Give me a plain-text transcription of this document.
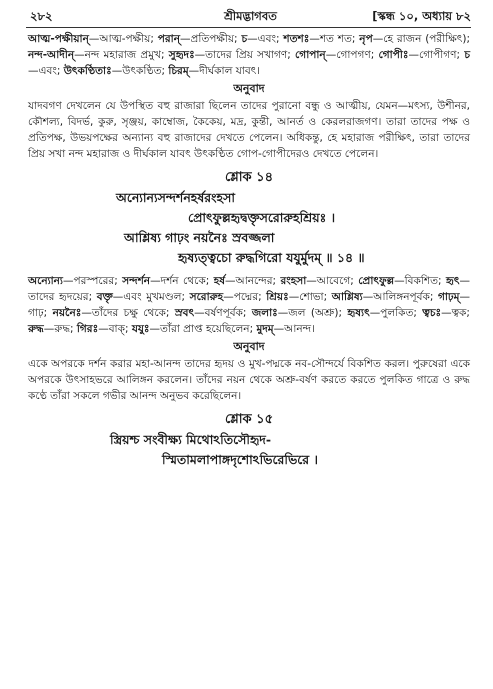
২৮২	শ্রীমদ্ভাগবত	[স্কন্ধ ১০, অধ্যায় ৮২

আত্ম-পক্ষীয়ান্—আত্ম-পক্ষীয়; পরান্—প্রতিপক্ষীয়; চ—এবং; শতশঃ—শত শত; নৃপ—হে রাজন (পরীক্ষিৎ); নন্দ-আদীন্—নন্দ মহারাজ প্রমুখ; সুহৃদঃ—তাদের প্রিয় সখাগণ; গোপান্—গোপগণ; গোপীঃ—গোপীগণ; চ—এবং; উৎকণ্ঠিতাঃ—উৎকণ্ঠিত; চিরম্—দীর্ঘকাল যাবৎ।

অনুবাদ

যাদবগণ দেখলেন যে উপস্থিত বহু রাজারা ছিলেন তাদের পুরানো বন্ধু ও আত্মীয়, যেমন—মৎস্য, উশীনর, কৌশল্য, বিদর্ভ, কুরু, সৃঞ্জয়, কাম্বোজ, কৈকেয়, মদ্র, কুন্তী, আনর্ত ও কেরলরাজগণ। তারা তাদের পক্ষ ও প্রতিপক্ষ, উভয়পক্ষের অন্যান্য বহু রাজাদের দেখতে পেলেন। অধিকন্তু, হে মহারাজ পরীক্ষিৎ, তারা তাদের প্রিয় সখা নন্দ মহারাজ ও দীর্ঘকাল যাবৎ উৎকণ্ঠিত গোপ-গোপীদেরও দেখতে পেলেন।

শ্লোক ১৪
অন্যোন্যসন্দর্শনহর্ষরংহসা
প্রোৎফুল্লহৃদ্বক্তৃসরোরুহশ্রিয়ঃ ।
আশ্লিষ্য গাঢ়ং নয়নৈঃ স্রবজ্জলা
হৃষ্যত্ত্বচো রুদ্ধগিরো যযুর্মুদম্ ॥ ১৪ ॥

অন্যোন্য—পরস্পরের; সন্দর্শন—দর্শন থেকে; হর্ষ—আনন্দের; রংহসা—আবেগে; প্রোৎফুল্ল—বিকশিত; হৃৎ—তাদের হৃদয়ের; বক্তৃ—এবং মুখমণ্ডল; সরোরুহ—পদ্মের; শ্রিয়ঃ—শোভা; আশ্লিষ্য—আলিঙ্গনপূর্বক; গাঢ়ম্—গাঢ়; নয়নৈঃ—তাঁদের চক্ষু থেকে; স্রবৎ—বর্ষণপূর্বক; জলাঃ—জল (অশ্রু); হৃষ্যৎ—পুলকিত; ত্বচঃ—ত্বক; রুদ্ধ—রুদ্ধ; গিরঃ—বাক্; যযুঃ—তাঁরা প্রাপ্ত হয়েছিলেন; মুদম্—আনন্দ।

অনুবাদ

একে অপরকে দর্শন করার মহা-আনন্দ তাদের হৃদয় ও মুখ-পদ্মকে নব-সৌন্দর্যে বিকশিত করল। পুরুষেরা একে অপরকে উৎসাহভরে আলিঙ্গন করলেন। তাঁদের নয়ন থেকে অশ্রু-বর্ষণ করতে করতে পুলকিত গাত্রে ও রুদ্ধ কণ্ঠে তাঁরা সকলে গভীর আনন্দ অনুভব করেছিলেন।

শ্লোক ১৫
স্ত্রিয়শ্চ সংবীক্ষ্য মিথোঽতিসৌহৃদ-
স্মিতামলাপাঙ্গদৃশোঽভিরেভিরে ।
